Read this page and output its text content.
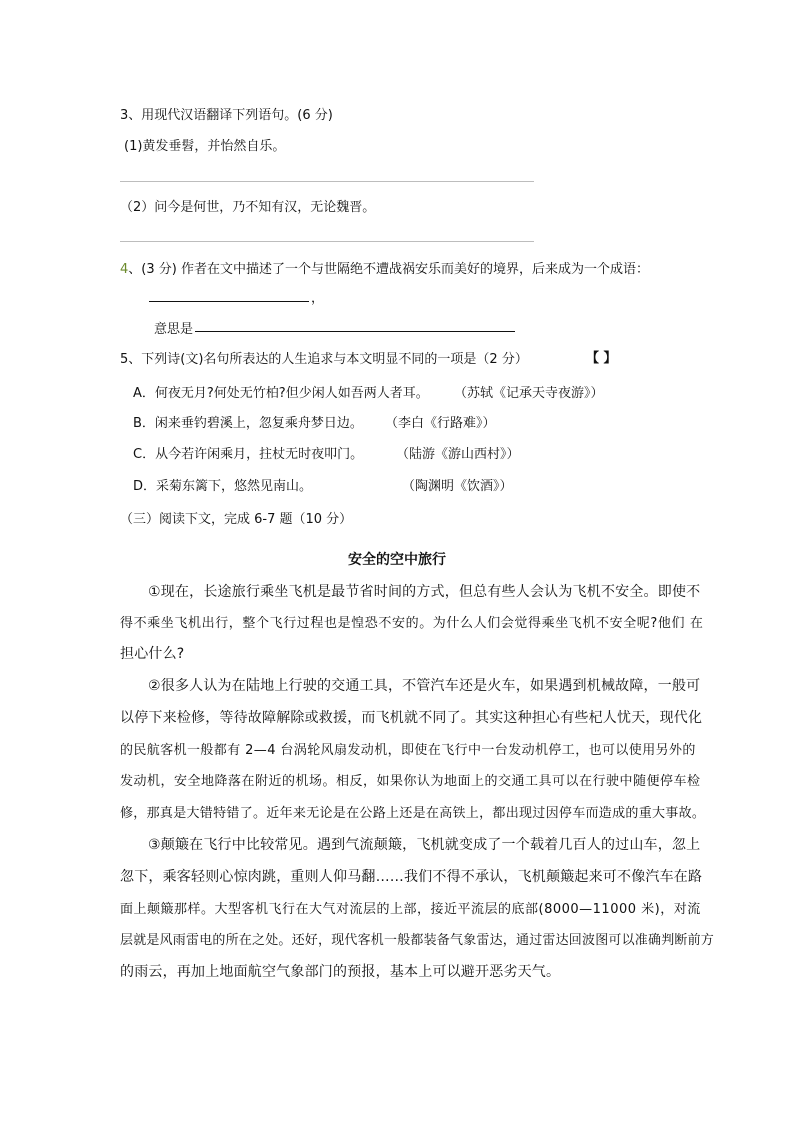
3、用现代汉语翻译下列语句。(6 分)
(1)黄发垂髫，并怡然自乐。
（2）问今是何世，乃不知有汉，无论魏晋。
4、(3 分) 作者在文中描述了一个与世隔绝不遭战祸安乐而美好的境界，后来成为一个成语：
，
意思是
5、下列诗(文)名句所表达的人生追求与本文明显不同的一项是（2 分）	【 】
A．何夜无月?何处无竹柏?但少闲人如吾两人者耳。 （苏轼《记承天寺夜游》）
B．闲来垂钓碧溪上，忽复乘舟梦日边。 （李白《行路难》）
C．从今若许闲乘月，拄杖无时夜叩门。	（陆游《游山西村》）
D．采菊东篱下，悠然见南山。	（陶渊明《饮酒》）
（三）阅读下文，完成 6-7 题（10 分）
安全的空中旅行
①现在，长途旅行乘坐飞机是最节省时间的方式，但总有些人会认为飞机不安全。即使不
得不乘坐飞机出行，整个飞行过程也是惶恐不安的。为什么人们会觉得乘坐飞机不安全呢?他们 在
担心什么?
②很多人认为在陆地上行驶的交通工具，不管汽车还是火车，如果遇到机械故障，一般可
以停下来检修，等待故障解除或救援，而飞机就不同了。其实这种担心有些杞人忧天，现代化
的民航客机一般都有 2—4 台涡轮风扇发动机，即使在飞行中一台发动机停工，也可以使用另外的
发动机，安全地降落在附近的机场。相反，如果你认为地面上的交通工具可以在行驶中随便停车检
修，那真是大错特错了。近年来无论是在公路上还是在高铁上，都出现过因停车而造成的重大事故。
③颠簸在飞行中比较常见。遇到气流颠簸，飞机就变成了一个载着几百人的过山车，忽上
忽下，乘客轻则心惊肉跳，重则人仰马翻……我们不得不承认，飞机颠簸起来可不像汽车在路
面上颠簸那样。大型客机飞行在大气对流层的上部，接近平流层的底部(8000—11000 米)，对流
层就是风雨雷电的所在之处。还好，现代客机一般都装备气象雷达，通过雷达回波图可以准确判断前方
的雨云，再加上地面航空气象部门的预报，基本上可以避开恶劣天气。
